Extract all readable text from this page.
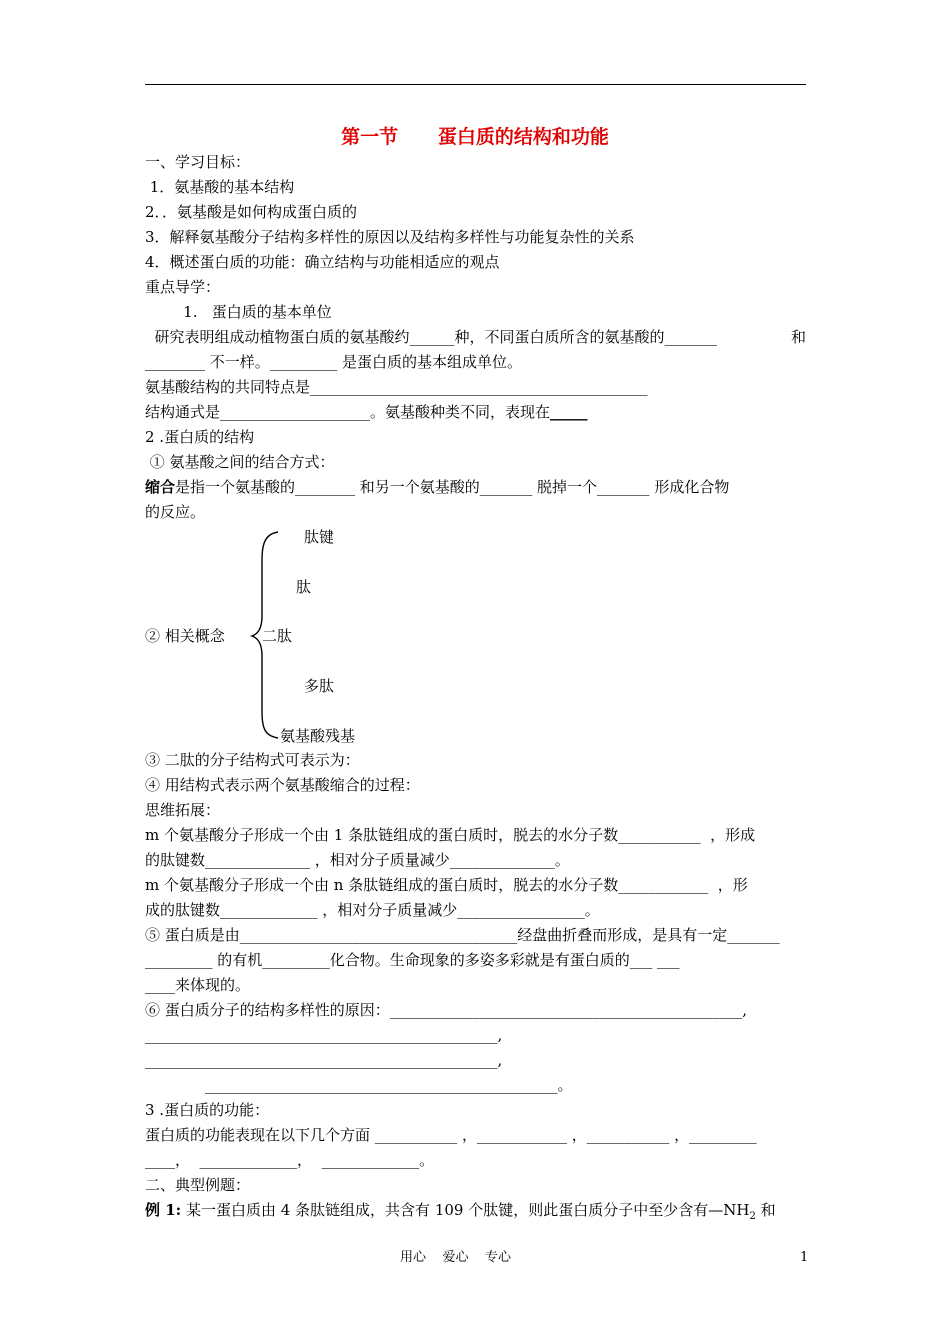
第一节      蛋白质的结构和功能
一、学习目标：
1．氨基酸的基本结构
2．．氨基酸是如何构成蛋白质的
3．解释氨基酸分子结构多样性的原因以及结构多样性与功能复杂性的关系
4．概述蛋白质的功能：确立结构与功能相适应的观点
重点导学：
1.   蛋白质的基本单位
研究表明组成动植物蛋白质的氨基酸约______种，不同蛋白质所含的氨基酸的_______	和
________ 不一样。_________ 是蛋白质的基本组成单位。
氨基酸结构的共同特点是_____________________________________________
结构通式是____________________。氨基酸种类不同，表现在_____
2 .蛋白质的结构
① 氨基酸之间的结合方式：
缩合是指一个氨基酸的________ 和另一个氨基酸的_______ 脱掉一个_______ 形成化合物
的反应。
肽键
肽
② 相关概念 二肽
多肽
氨基酸残基
③ 二肽的分子结构式可表示为：
④ 用结构式表示两个氨基酸缩合的过程：
思维拓展：
m 个氨基酸分子形成一个由 1 条肽链组成的蛋白质时，脱去的水分子数___________  ，形成
的肽键数______________ ，相对分子质量减少______________。
m 个氨基酸分子形成一个由 n 条肽链组成的蛋白质时，脱去的水分子数____________  ，形
成的肽键数_____________ ，相对分子质量减少_________________。
⑤ 蛋白质是由_____________________________________经盘曲折叠而形成，是具有一定_______
_________ 的有机_________化合物。生命现象的多姿多彩就是有蛋白质的___ ___
____来体现的。
⑥ 蛋白质分子的结构多样性的原因：_______________________________________________,
_______________________________________________,
_______________________________________________,
_______________________________________________。
3 .蛋白质的功能：
蛋白质的功能表现在以下几个方面 ___________ ，____________ ，___________ ，_________
____，  _____________，  _____________。
二、典型例题：
例 1: 某一蛋白质由 4 条肽链组成，共含有 109 个肽键，则此蛋白质分子中至少含有$—NH_2$ 和
用心    爱心    专心	1
